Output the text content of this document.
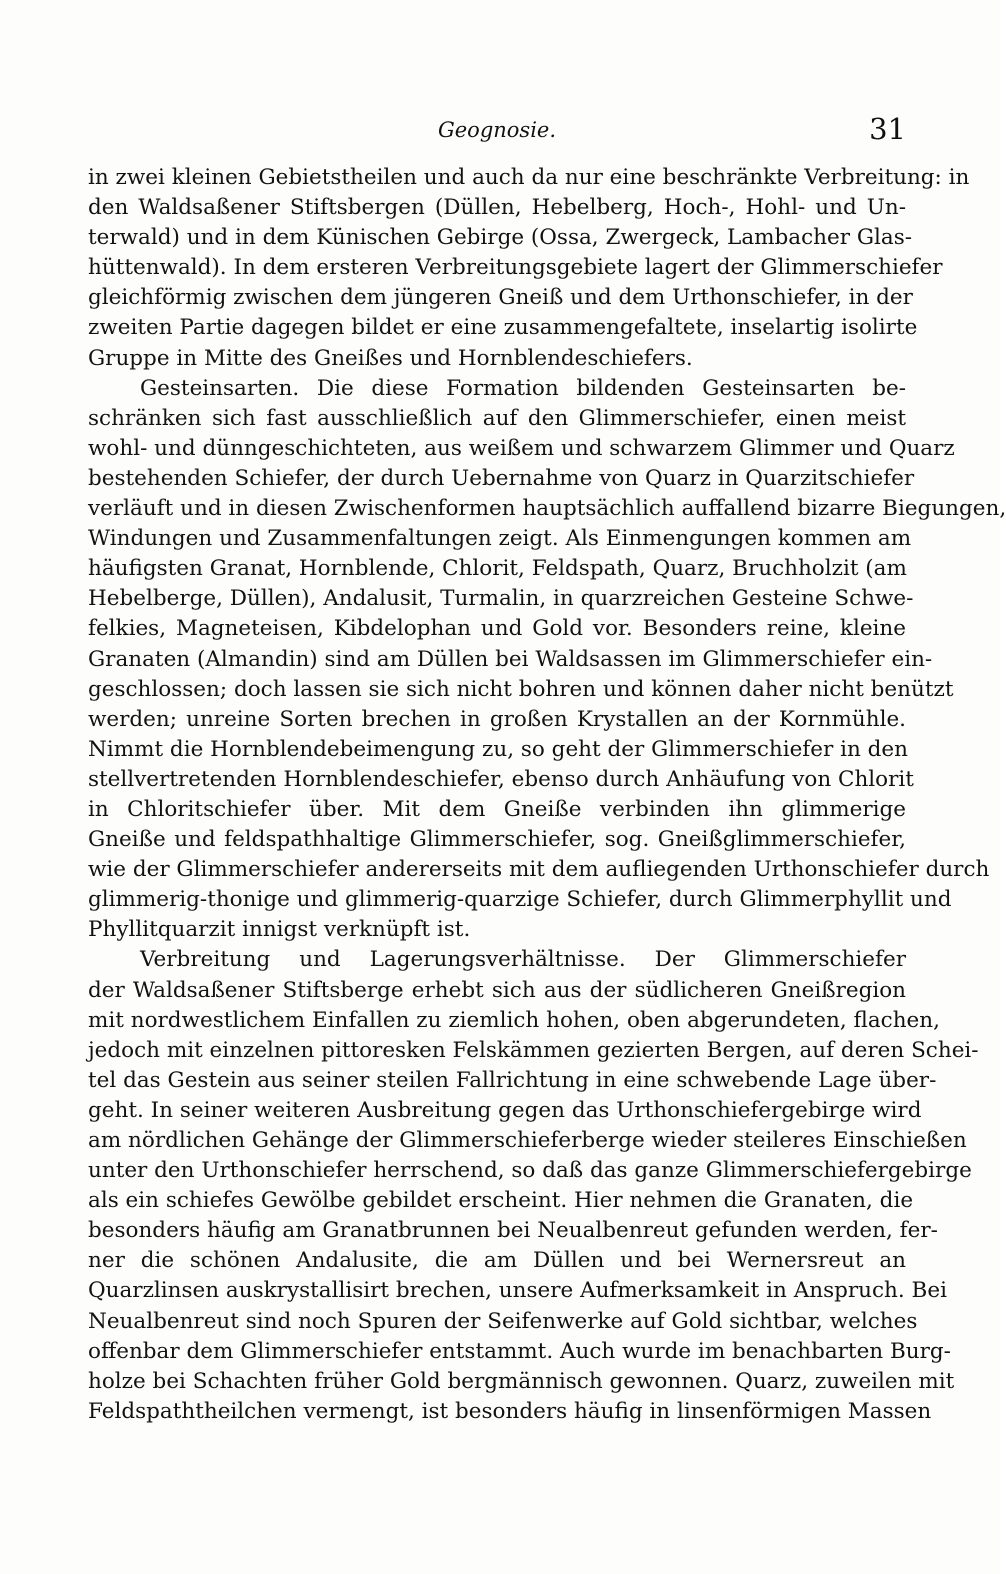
Geognosie.	31
in zwei kleinen Gebietstheilen und auch da nur eine beschränkte Verbreitung: in
den Waldsaßener Stiftsbergen (Düllen, Hebelberg, Hoch-, Hohl- und Un-
terwald) und in dem Künischen Gebirge (Ossa, Zwergeck, Lambacher Glas-
hüttenwald). In dem ersteren Verbreitungsgebiete lagert der Glimmerschiefer
gleichförmig zwischen dem jüngeren Gneiß und dem Urthonschiefer, in der
zweiten Partie dagegen bildet er eine zusammengefaltete, inselartig isolirte
Gruppe in Mitte des Gneißes und Hornblendeschiefers.
Gesteinsarten. Die diese Formation bildenden Gesteinsarten be-
schränken sich fast ausschließlich auf den Glimmerschiefer, einen meist
wohl- und dünngeschichteten, aus weißem und schwarzem Glimmer und Quarz
bestehenden Schiefer, der durch Uebernahme von Quarz in Quarzitschiefer
verläuft und in diesen Zwischenformen hauptsächlich auffallend bizarre Biegungen,
Windungen und Zusammenfaltungen zeigt. Als Einmengungen kommen am
häufigsten Granat, Hornblende, Chlorit, Feldspath, Quarz, Bruchholzit (am
Hebelberge, Düllen), Andalusit, Turmalin, in quarzreichen Gesteine Schwe-
felkies, Magneteisen, Kibdelophan und Gold vor. Besonders reine, kleine
Granaten (Almandin) sind am Düllen bei Waldsassen im Glimmerschiefer ein-
geschlossen; doch lassen sie sich nicht bohren und können daher nicht benützt
werden; unreine Sorten brechen in großen Krystallen an der Kornmühle.
Nimmt die Hornblendebeimengung zu, so geht der Glimmerschiefer in den
stellvertretenden Hornblendeschiefer, ebenso durch Anhäufung von Chlorit
in Chloritschiefer über. Mit dem Gneiße verbinden ihn glimmerige
Gneiße und feldspathhaltige Glimmerschiefer, sog. Gneißglimmerschiefer,
wie der Glimmerschiefer andererseits mit dem aufliegenden Urthonschiefer durch
glimmerig-thonige und glimmerig-quarzige Schiefer, durch Glimmerphyllit und
Phyllitquarzit innigst verknüpft ist.
Verbreitung und Lagerungsverhältnisse. Der Glimmerschiefer
der Waldsaßener Stiftsberge erhebt sich aus der südlicheren Gneißregion
mit nordwestlichem Einfallen zu ziemlich hohen, oben abgerundeten, flachen,
jedoch mit einzelnen pittoresken Felskämmen gezierten Bergen, auf deren Schei-
tel das Gestein aus seiner steilen Fallrichtung in eine schwebende Lage über-
geht. In seiner weiteren Ausbreitung gegen das Urthonschiefergebirge wird
am nördlichen Gehänge der Glimmerschieferberge wieder steileres Einschießen
unter den Urthonschiefer herrschend, so daß das ganze Glimmerschiefergebirge
als ein schiefes Gewölbe gebildet erscheint. Hier nehmen die Granaten, die
besonders häufig am Granatbrunnen bei Neualbenreut gefunden werden, fer-
ner die schönen Andalusite, die am Düllen und bei Wernersreut an
Quarzlinsen auskrystallisirt brechen, unsere Aufmerksamkeit in Anspruch. Bei
Neualbenreut sind noch Spuren der Seifenwerke auf Gold sichtbar, welches
offenbar dem Glimmerschiefer entstammt. Auch wurde im benachbarten Burg-
holze bei Schachten früher Gold bergmännisch gewonnen. Quarz, zuweilen mit
Feldspaththeilchen vermengt, ist besonders häufig in linsenförmigen Massen
